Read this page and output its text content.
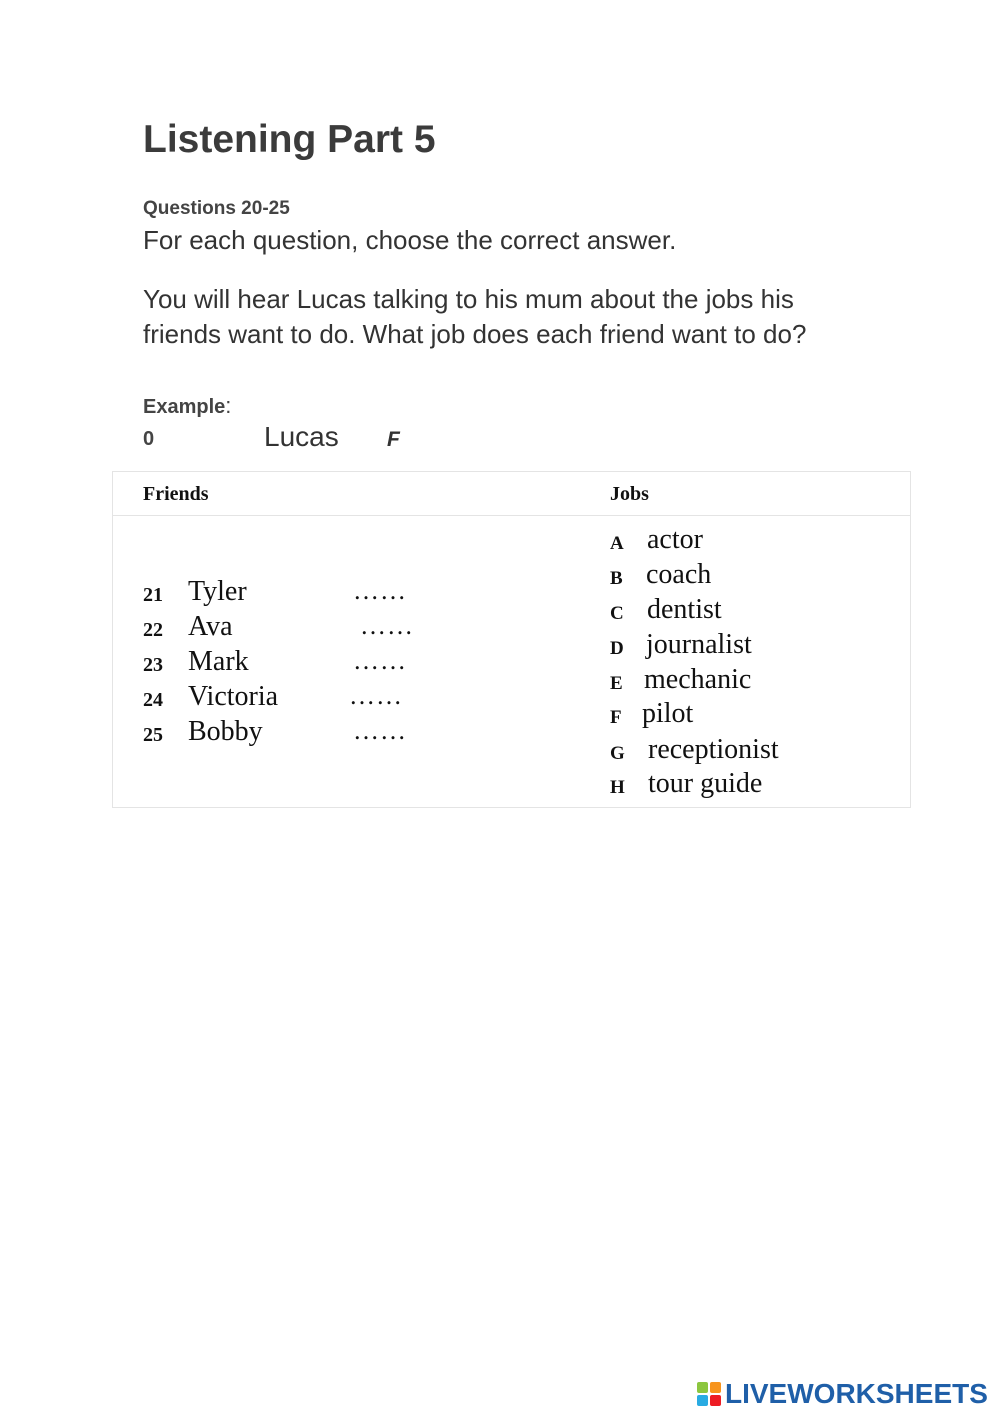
Listening Part 5
Questions 20-25
For each question, choose the correct answer.
You will hear Lucas talking to his mum about the jobs his friends want to do. What job does each friend want to do?
Example:
0	Lucas F
Friends	Jobs
21 Tyler	……
22 Ava	……
23 Mark	……
24 Victoria	……
25 Bobby	……
A actor
B coach
C dentist
D journalist
E mechanic
F pilot
G receptionist
H tour guide
LIVEWORKSHEETS
